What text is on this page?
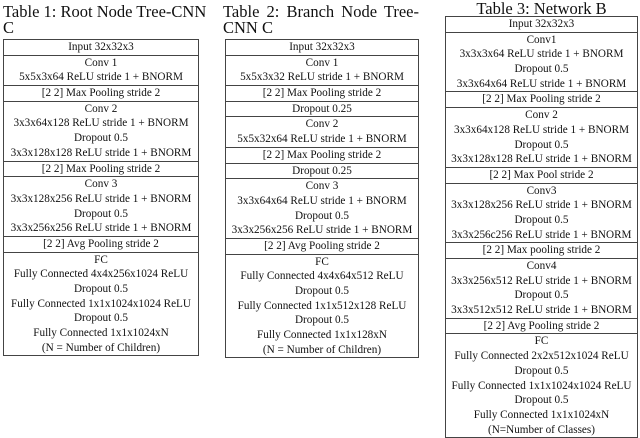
Table 1: Root Node Tree-CNN
C
Input 32x32x3
Conv 1
5x5x3x64 ReLU stride 1 + BNORM
[2 2] Max Pooling stride 2
Conv 2
3x3x64x128 ReLU stride 1 + BNORM
Dropout 0.5
3x3x128x128 ReLU stride 1 + BNORM
[2 2] Max Pooling stride 2
Conv 3
3x3x128x256 ReLU stride 1 + BNORM
Dropout 0.5
3x3x256x256 ReLU stride 1 + BNORM
[2 2] Avg Pooling stride 2
FC
Fully Connected 4x4x256x1024 ReLU
Dropout 0.5
Fully Connected 1x1x1024x1024 ReLU
Dropout 0.5
Fully Connected 1x1x1024xN
(N = Number of Children)
Table 2: Branch Node Tree-
CNN C
Input 32x32x3
Conv 1
5x5x3x32 ReLU stride 1 + BNORM
[2 2] Max Pooling stride 2
Dropout 0.25
Conv 2
5x5x32x64 ReLU stride 1 + BNORM
[2 2] Max Pooling stride 2
Dropout 0.25
Conv 3
3x3x64x64 ReLU stride 1 + BNORM
Dropout 0.5
3x3x256x256 ReLU stride 1 + BNORM
[2 2] Avg Pooling stride 2
FC
Fully Connected 4x4x64x512 ReLU
Dropout 0.5
Fully Connected 1x1x512x128 ReLU
Dropout 0.5
Fully Connected 1x1x128xN
(N = Number of Children)
Table 3: Network B
Input 32x32x3
Conv1
3x3x3x64 ReLU stride 1 + BNORM
Dropout 0.5
3x3x64x64 ReLU stride 1 + BNORM
[2 2] Max Pooling stride 2
Conv 2
3x3x64x128 ReLU stride 1 + BNORM
Dropout 0.5
3x3x128x128 ReLU stride 1 + BNORM
[2 2] Max Pool stride 2
Conv3
3x3x128x256 ReLU stride 1 + BNORM
Dropout 0.5
3x3x256c256 ReLU stride 1 + BNORM
[2 2] Max pooling stride 2
Conv4
3x3x256x512 ReLU stride 1 + BNORM
Dropout 0.5
3x3x512x512 ReLU stride 1 + BNORM
[2 2] Avg Pooling stride 2
FC
Fully Connected 2x2x512x1024 ReLU
Dropout 0.5
Fully Connected 1x1x1024x1024 ReLU
Dropout 0.5
Fully Connected 1x1x1024xN
(N=Number of Classes)
